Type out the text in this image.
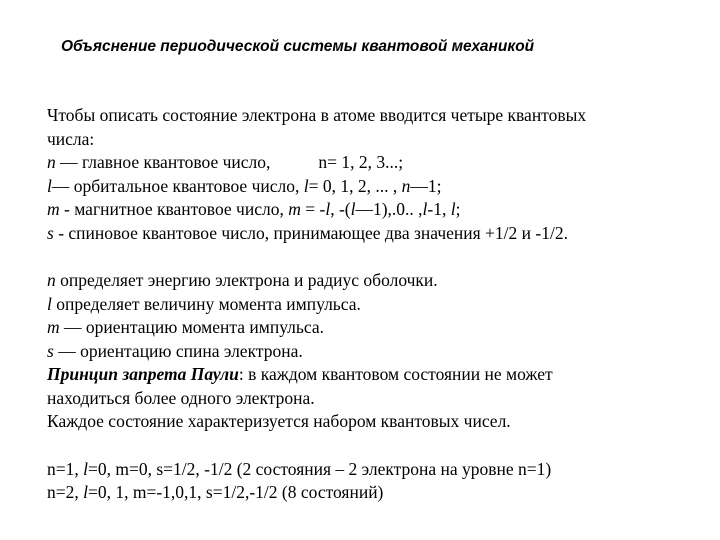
Объяснение периодической системы квантовой механикой
Чтобы описать состояние электрона в атоме вводится четыре квантовых
числа:
n — главное квантовое число,	n= 1, 2, 3...;
l— орбитальное квантовое число, l= 0, 1, 2, ... , n—1;
m - магнитное квантовое число, m = -l, -(l—1),.0.. ,l-1, l;
s - спиновое квантовое число, принимающее два значения +1/2 и -1/2.
n определяет энергию электрона и радиус оболочки.
l определяет величину момента импульса.
m — ориентацию момента импульса.
s — ориентацию спина электрона.
Принцип запрета Паули: в каждом квантовом состоянии не может
находиться более одного электрона.
Каждое состояние характеризуется набором квантовых чисел.
n=1, l=0, m=0, s=1/2, -1/2 (2 состояния – 2 электрона на уровне n=1)
n=2, l=0, 1, m=-1,0,1, s=1/2,-1/2 (8 состояний)
